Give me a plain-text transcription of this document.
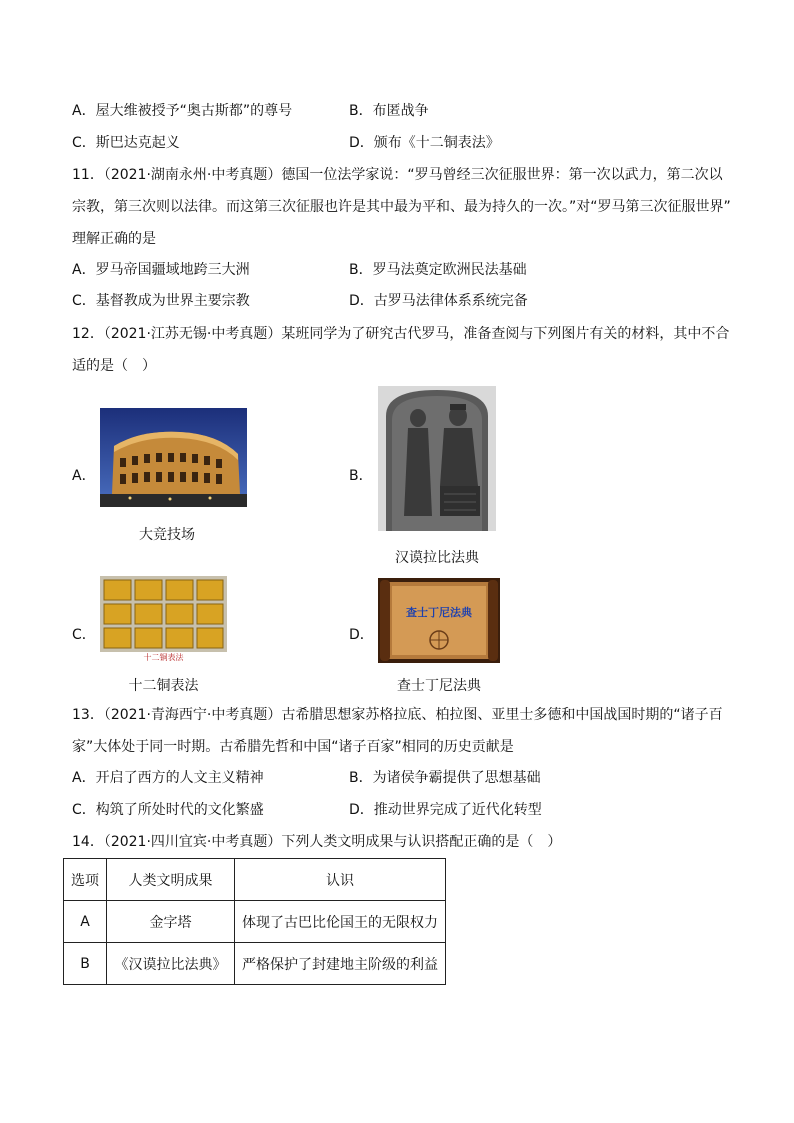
A．屋大维被授予“奥古斯都”的尊号	B．布匿战争
C．斯巴达克起义	D．颁布《十二铜表法》
11．（2021·湖南永州·中考真题）德国一位法学家说：“罗马曾经三次征服世界：第一次以武力，第二次以
宗教，第三次则以法律。而这第三次征服也许是其中最为平和、最为持久的一次。”对“罗马第三次征服世界”
理解正确的是
A．罗马帝国疆域地跨三大洲	B．罗马法奠定欧洲民法基础
C．基督教成为世界主要宗教	D．古罗马法律体系系统完备
12．（2021·江苏无锡·中考真题）某班同学为了研究古代罗马，准备查阅与下列图片有关的材料，其中不合
适的是（　）
A．
大竞技场
B．
汉谟拉比法典
C．
十二铜表法
十二铜表法
D．
查士丁尼法典
查士丁尼法典
13．（2021·青海西宁·中考真题）古希腊思想家苏格拉底、柏拉图、亚里士多德和中国战国时期的“诸子百
家”大体处于同一时期。古希腊先哲和中国“诸子百家”相同的历史贡献是
A．开启了西方的人文主义精神	B．为诸侯争霸提供了思想基础
C．构筑了所处时代的文化繁盛	D．推动世界完成了近代化转型
14．（2021·四川宜宾·中考真题）下列人类文明成果与认识搭配正确的是（　）
选项	人类文明成果	认识
A	金字塔	体现了古巴比伦国王的无限权力
B	《汉谟拉比法典》	严格保护了封建地主阶级的利益
